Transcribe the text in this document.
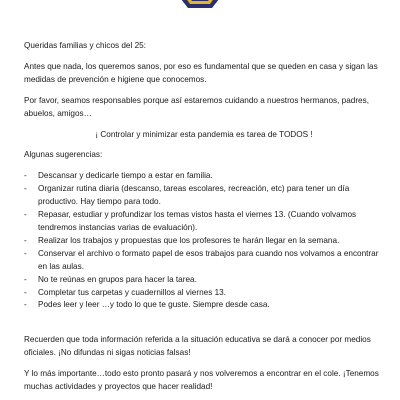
Queridas familias y chicos del 25:

Antes que nada, los queremos sanos, por eso es fundamental que se queden en casa y sigan las medidas de prevención e higiene que conocemos.

Por favor, seamos responsables porque así estaremos cuidando a nuestros hermanos, padres, abuelos, amigos…

¡ Controlar y minimizar esta pandemia es tarea de TODOS !

Algunas sugerencias:

- Descansar y dedicarle tiempo a estar en familia.
- Organizar rutina diaria (descanso, tareas escolares, recreación, etc) para tener un día productivo. Hay tiempo para todo.
- Repasar, estudiar y profundizar los temas vistos hasta el viernes 13. (Cuando volvamos tendremos instancias varias de evaluación).
- Realizar los trabajos y propuestas que los profesores te harán llegar en la semana.
- Conservar el archivo o formato papel de esos trabajos para cuando nos volvamos a encontrar en las aulas.
- No te reúnas en grupos para hacer la tarea.
- Completar tus carpetas y cuadernillos al viernes 13.
- Podes leer y leer …y todo lo que te guste. Siempre desde casa.

Recuerden que toda información referida a la situación educativa se dará a conocer por medios oficiales. ¡No difundas ni sigas noticias falsas!

Y lo más importante…todo esto pronto pasará y nos volveremos a encontrar en el cole. ¡Tenemos muchas actividades y proyectos que hacer realidad!
